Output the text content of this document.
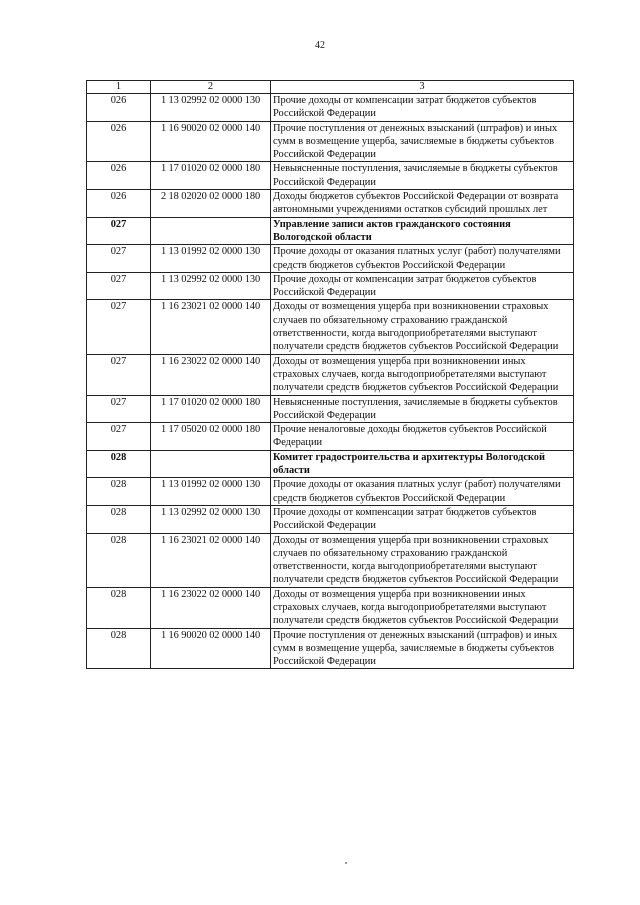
42
1	2	3
026	1 13 02992 02 0000 130	Прочие доходы от компенсации затрат бюджетов субъектов Российской Федерации
026	1 16 90020 02 0000 140	Прочие поступления от денежных взысканий (штрафов) и иных сумм в возмещение ущерба, зачисляемые в бюджеты субъектов Российской Федерации
026	1 17 01020 02 0000 180	Невыясненные поступления, зачисляемые в бюджеты субъектов Российской Федерации
026	2 18 02020 02 0000 180	Доходы бюджетов субъектов Российской Федерации от возврата автономными учреждениями остатков субсидий прошлых лет
027		Управление записи актов гражданского состояния Вологодской области
027	1 13 01992 02 0000 130	Прочие доходы от оказания платных услуг (работ) получателями средств бюджетов субъектов Российской Федерации
027	1 13 02992 02 0000 130	Прочие доходы от компенсации затрат бюджетов субъектов Российской Федерации
027	1 16 23021 02 0000 140	Доходы от возмещения ущерба при возникновении страховых случаев по обязательному страхованию гражданской ответственности, когда выгодоприобретателями выступают получатели средств бюджетов субъектов Российской Федерации
027	1 16 23022 02 0000 140	Доходы от возмещения ущерба при возникновении иных страховых случаев, когда выгодоприобретателями выступают получатели средств бюджетов субъектов Российской Федерации
027	1 17 01020 02 0000 180	Невыясненные поступления, зачисляемые в бюджеты субъектов Российской Федерации
027	1 17 05020 02 0000 180	Прочие неналоговые доходы бюджетов субъектов Российской Федерации
028		Комитет градостроительства и архитектуры Вологодской области
028	1 13 01992 02 0000 130	Прочие доходы от оказания платных услуг (работ) получателями средств бюджетов субъектов Российской Федерации
028	1 13 02992 02 0000 130	Прочие доходы от компенсации затрат бюджетов субъектов Российской Федерации
028	1 16 23021 02 0000 140	Доходы от возмещения ущерба при возникновении страховых случаев по обязательному страхованию гражданской ответственности, когда выгодоприобретателями выступают получатели средств бюджетов субъектов Российской Федерации
028	1 16 23022 02 0000 140	Доходы от возмещения ущерба при возникновении иных страховых случаев, когда выгодоприобретателями выступают получатели средств бюджетов субъектов Российской Федерации
028	1 16 90020 02 0000 140	Прочие поступления от денежных взысканий (штрафов) и иных сумм в возмещение ущерба, зачисляемые в бюджеты субъектов Российской Федерации
